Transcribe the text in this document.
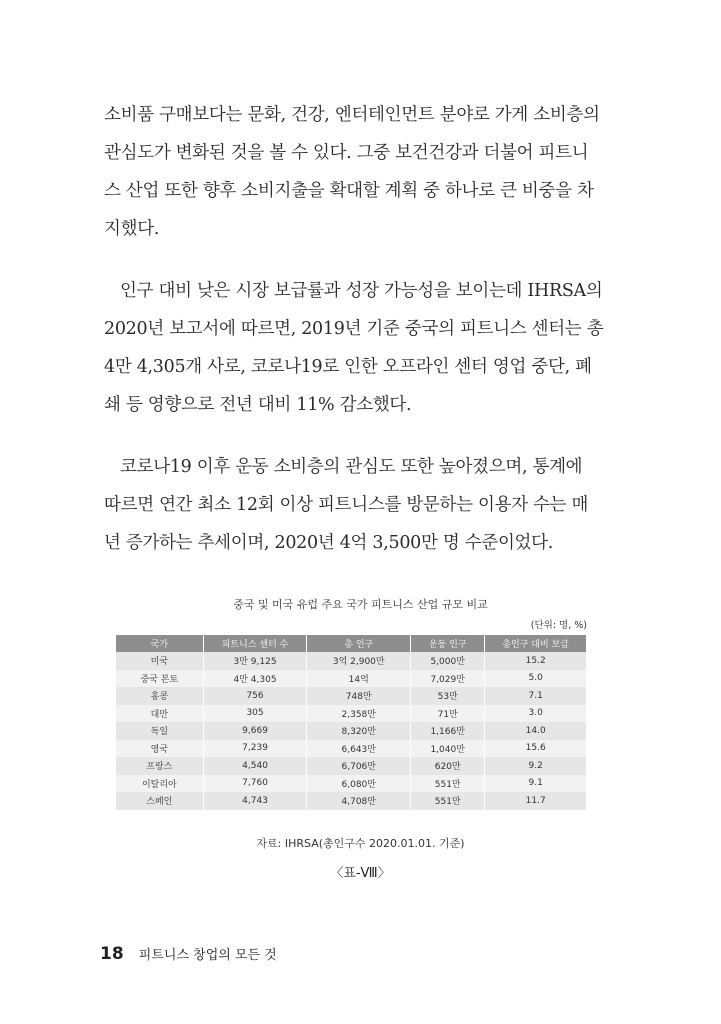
소비품 구매보다는 문화, 건강, 엔터테인먼트 분야로 가게 소비층의
관심도가 변화된 것을 볼 수 있다. 그중 보건건강과 더불어 피트니
스 산업 또한 향후 소비지출을 확대할 계획 중 하나로 큰 비중을 차
지했다.
인구 대비 낮은 시장 보급률과 성장 가능성을 보이는데 IHRSA의
2020년 보고서에 따르면, 2019년 기준 중국의 피트니스 센터는 총
4만 4,305개 사로, 코로나19로 인한 오프라인 센터 영업 중단, 폐
쇄 등 영향으로 전년 대비 11% 감소했다.
코로나19 이후 운동 소비층의 관심도 또한 높아졌으며, 통계에
따르면 연간 최소 12회 이상 피트니스를 방문하는 이용자 수는 매
년 증가하는 추세이며, 2020년 4억 3,500만 명 수준이었다.
중국 및 미국 유럽 주요 국가 피트니스 산업 규모 비교
(단위: 명, %)
국가	피트니스 센터 수	총 인구	운동 인구	총인구 대비 보급
미국	3만 9,125	3억 2,900만	5,000만	15.2
중국 본토	4만 4,305	14억	7,029만	5.0
홍콩	756	748만	53만	7.1
대만	305	2,358만	71만	3.0
독일	9,669	8,320만	1,166만	14.0
영국	7,239	6,643만	1,040만	15.6
프랑스	4,540	6,706만	620만	9.2
이탈리아	7,760	6,080만	551만	9.1
스페인	4,743	4,708만	551만	11.7
자료: IHRSA(총인구수 2020.01.01. 기준)
〈표-Ⅷ〉
18 피트니스 창업의 모든 것
